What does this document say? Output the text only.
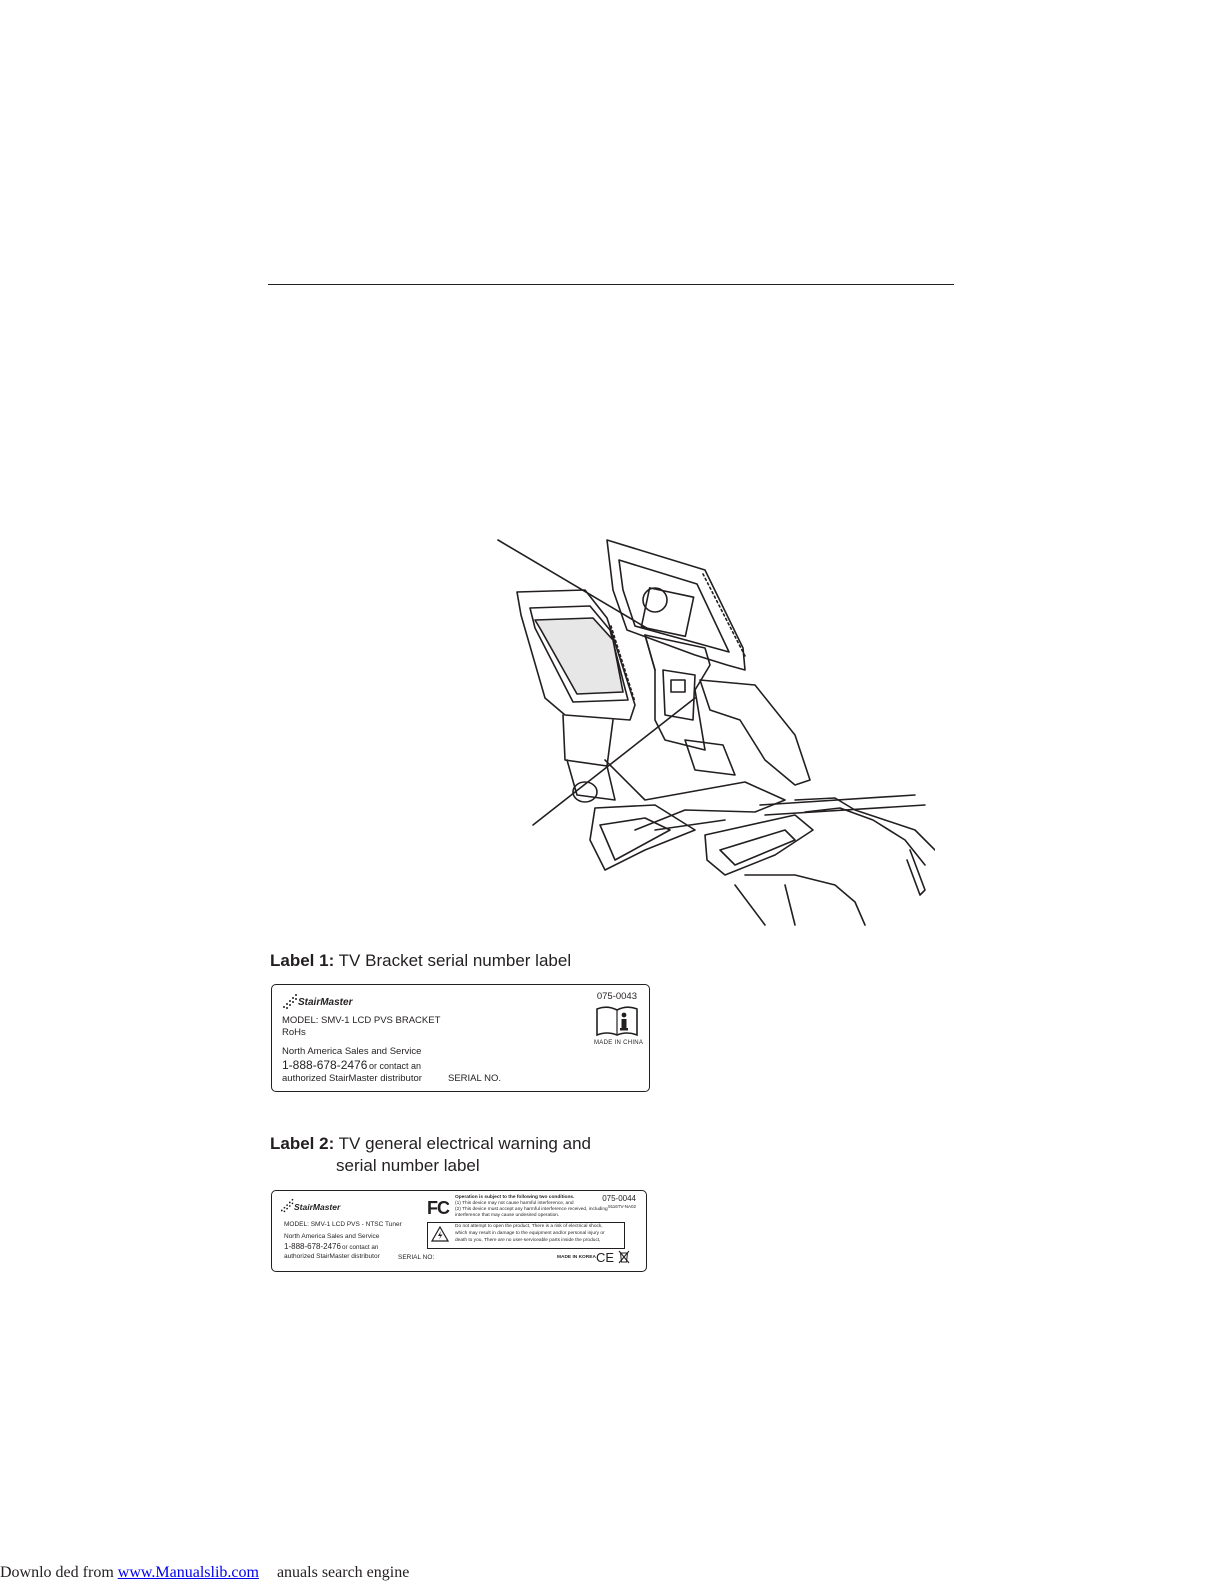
Label 1: TV Bracket serial number label
StairMaster
075-0043
MODEL: SMV-1 LCD PVS BRACKET
RoHs
North America Sales and Service
1-888-678-2476 or contact an
authorized StairMaster distributor	SERIAL NO.
MADE IN CHINA
Label 2: TV general electrical warning and
serial number label
StairMaster
MODEL: SMV-1 LCD PVS - NTSC Tuner
North America Sales and Service
1-888-678-2476 or contact an
authorized StairMaster distributor	SERIAL NO:
FC
Operation is subject to the following two conditions.
(1) This device may not cause harmful interference, and
(2) This device must accept any harmful interference received, including
interference that may cause undesired operation.
075-0044
9116TV-NA02
Do not attempt to open the product, There is a risk of electrical shock,
which may result in damage to the equipment and/or personal injury or
death to you, There are no user-serviceable parts inside the product,
MADE IN KOREA CE
Downlo ded from www.Manualslib.com anuals search engine
